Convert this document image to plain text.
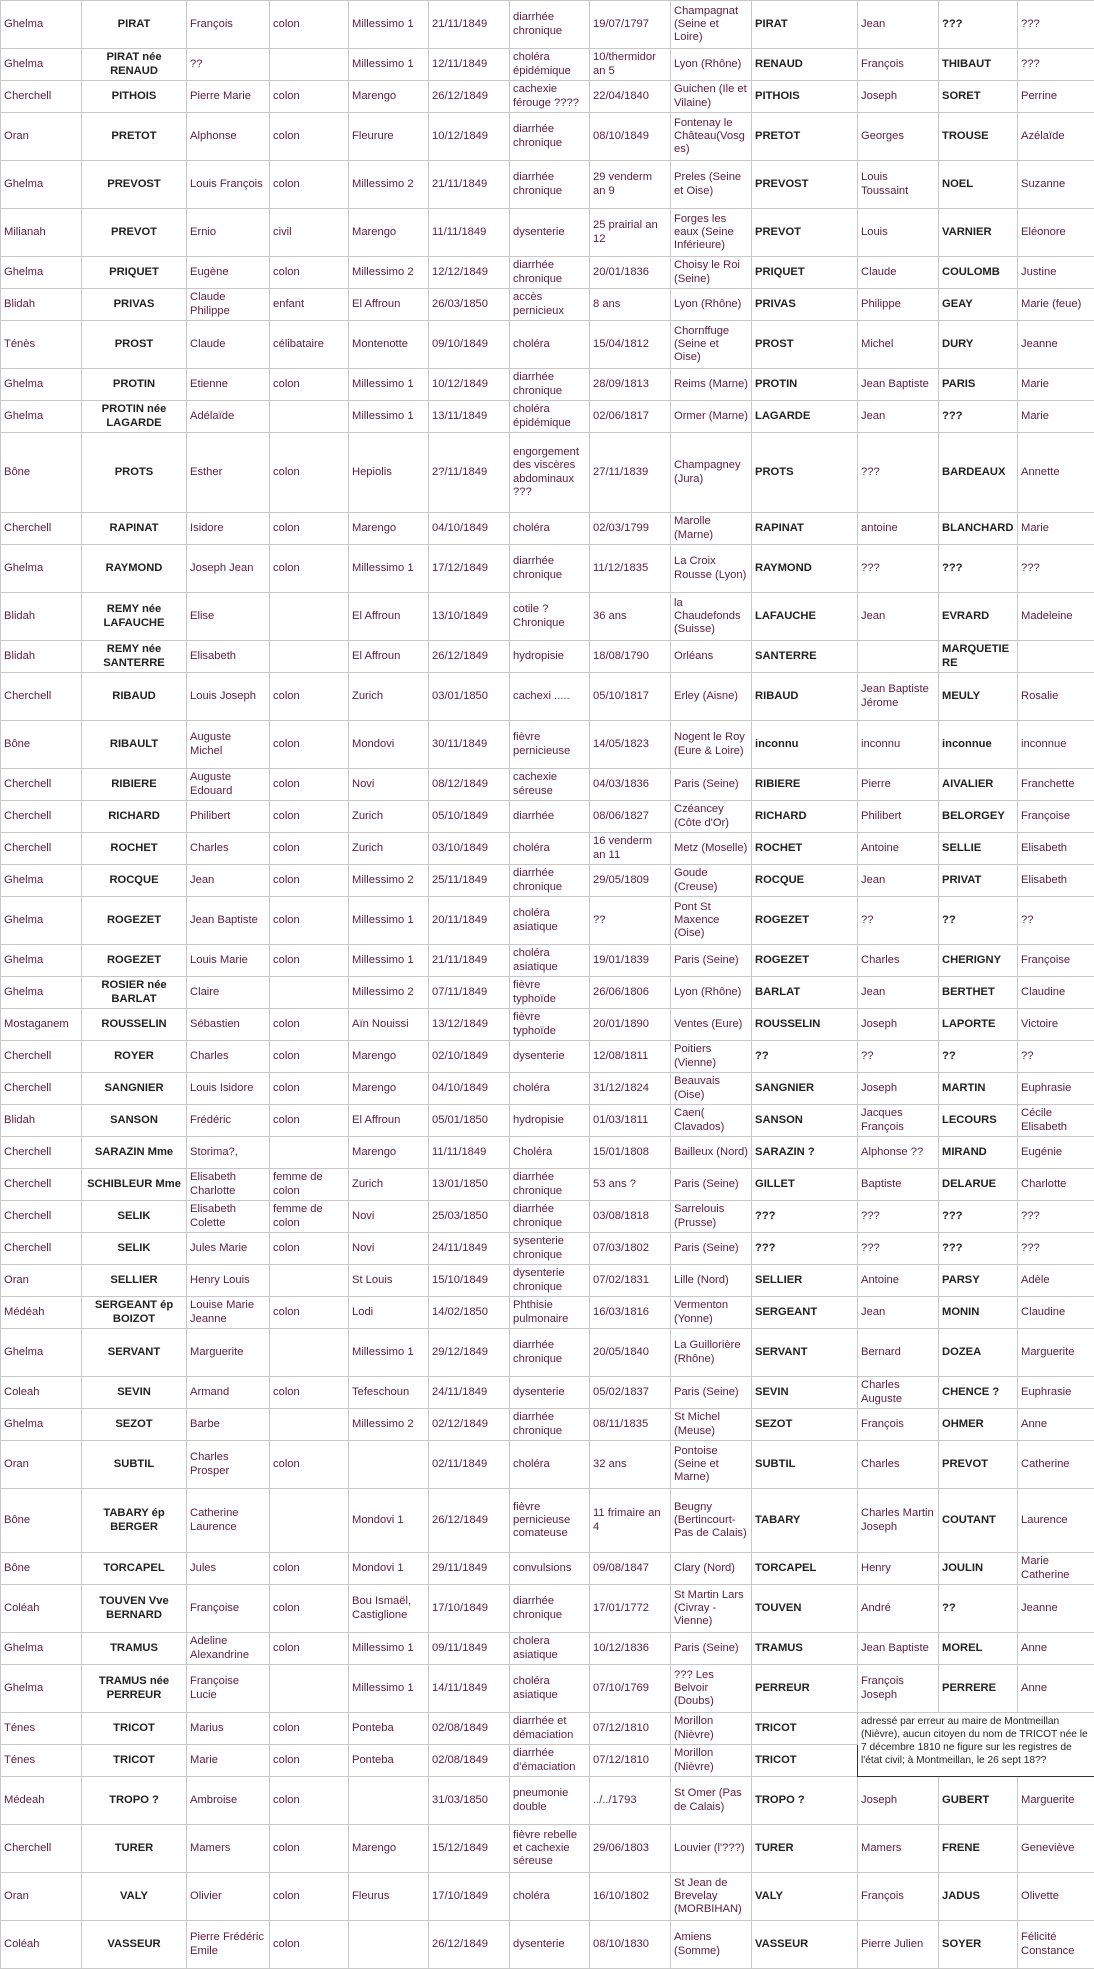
Ghelma	PIRAT	François	colon	Millessimo 1	21/11/1849	diarrhée chronique	19/07/1797	Champagnat (Seine et Loire)	PIRAT	Jean	???	???
Ghelma	PIRAT née RENAUD	??		Millessimo 1	12/11/1849	choléra épidémique	10/thermidor an 5	Lyon (Rhône)	RENAUD	François	THIBAUT	???
Cherchell	PITHOIS	Pierre Marie	colon	Marengo	26/12/1849	cachexie férouge ????	22/04/1840	Guichen (Ile et Vilaine)	PITHOIS	Joseph	SORET	Perrine
Oran	PRETOT	Alphonse	colon	Fleurure	10/12/1849	diarrhée chronique	08/10/1849	Fontenay le Château(Vosges)	PRETOT	Georges	TROUSE	Azélaïde
Ghelma	PREVOST	Louis François	colon	Millessimo 2	21/11/1849	diarrhée chronique	29 venderm an 9	Preles (Seine et Oise)	PREVOST	Louis Toussaint	NOEL	Suzanne
Milianah	PREVOT	Ernio	civil	Marengo	11/11/1849	dysenterie	25 prairial an 12	Forges les eaux (Seine Inférieure)	PREVOT	Louis	VARNIER	Eléonore
Ghelma	PRIQUET	Eugène	colon	Millessimo 2	12/12/1849	diarrhée chronique	20/01/1836	Choisy le Roi (Seine)	PRIQUET	Claude	COULOMB	Justine
Blidah	PRIVAS	Claude Philippe	enfant	El Affroun	26/03/1850	accès pernicieux	8 ans	Lyon (Rhône)	PRIVAS	Philippe	GEAY	Marie (feue)
Ténès	PROST	Claude	célibataire	Montenotte	09/10/1849	choléra	15/04/1812	Chornffuge (Seine et Oise)	PROST	Michel	DURY	Jeanne
Ghelma	PROTIN	Etienne	colon	Millessimo 1	10/12/1849	diarrhée chronique	28/09/1813	Reims (Marne)	PROTIN	Jean Baptiste	PARIS	Marie
Ghelma	PROTIN née LAGARDE	Adélaïde		Millessimo 1	13/11/1849	choléra épidémique	02/06/1817	Ormer (Marne)	LAGARDE	Jean	???	Marie
Bône	PROTS	Esther	colon	Hepiolis	2?/11/1849	engorgement des viscères abdominaux ???	27/11/1839	Champagney (Jura)	PROTS	???	BARDEAUX	Annette
Cherchell	RAPINAT	Isidore	colon	Marengo	04/10/1849	choléra	02/03/1799	Marolle (Marne)	RAPINAT	antoine	BLANCHARD	Marie
Ghelma	RAYMOND	Joseph Jean	colon	Millessimo 1	17/12/1849	diarrhée chronique	11/12/1835	La Croix Rousse (Lyon)	RAYMOND	???	???	???
Blidah	REMY née LAFAUCHE	Elise		El Affroun	13/10/1849	cotile ? Chronique	36 ans	la Chaudefonds (Suisse)	LAFAUCHE	Jean	EVRARD	Madeleine
Blidah	REMY née SANTERRE	Elisabeth		El Affroun	26/12/1849	hydropisie	18/08/1790	Orléans	SANTERRE		MARQUETIERE	
Cherchell	RIBAUD	Louis Joseph	colon	Zurich	03/01/1850	cachexi .....	05/10/1817	Erley (Aisne)	RIBAUD	Jean Baptiste Jérome	MEULY	Rosalie
Bône	RIBAULT	Auguste Michel	colon	Mondovi	30/11/1849	fièvre pernicieuse	14/05/1823	Nogent le Roy (Eure & Loire)	inconnu	inconnu	inconnue	inconnue
Cherchell	RIBIERE	Auguste Edouard	colon	Novi	08/12/1849	cachexie séreuse	04/03/1836	Paris (Seine)	RIBIERE	Pierre	AIVALIER	Franchette
Cherchell	RICHARD	Philibert	colon	Zurich	05/10/1849	diarrhée	08/06/1827	Czéancey (Côte d'Or)	RICHARD	Philibert	BELORGEY	Françoise
Cherchell	ROCHET	Charles	colon	Zurich	03/10/1849	choléra	16 venderm an 11	Metz (Moselle)	ROCHET	Antoine	SELLIE	Elisabeth
Ghelma	ROCQUE	Jean	colon	Millessimo 2	25/11/1849	diarrhée chronique	29/05/1809	Goude (Creuse)	ROCQUE	Jean	PRIVAT	Elisabeth
Ghelma	ROGEZET	Jean Baptiste	colon	Millessimo 1	20/11/1849	choléra asiatique	??	Pont St Maxence (Oise)	ROGEZET	??	??	??
Ghelma	ROGEZET	Louis Marie	colon	Millessimo 1	21/11/1849	choléra asiatique	19/01/1839	Paris (Seine)	ROGEZET	Charles	CHERIGNY	Françoise
Ghelma	ROSIER née BARLAT	Claire		Millessimo 2	07/11/1849	fièvre typhoïde	26/06/1806	Lyon (Rhône)	BARLAT	Jean	BERTHET	Claudine
Mostaganem	ROUSSELIN	Sébastien	colon	Aïn Nouissi	13/12/1849	fièvre typhoïde	20/01/1890	Ventes (Eure)	ROUSSELIN	Joseph	LAPORTE	Victoire
Cherchell	ROYER	Charles	colon	Marengo	02/10/1849	dysenterie	12/08/1811	Poitiers (Vienne)	??	??	??	??
Cherchell	SANGNIER	Louis Isidore	colon	Marengo	04/10/1849	choléra	31/12/1824	Beauvais (Oise)	SANGNIER	Joseph	MARTIN	Euphrasie
Blidah	SANSON	Frédéric	colon	El Affroun	05/01/1850	hydropisie	01/03/1811	Caen( Clavados)	SANSON	Jacques François	LECOURS	Cécile Elisabeth
Cherchell	SARAZIN Mme	Storima?,		Marengo	11/11/1849	Choléra	15/01/1808	Bailleux (Nord)	SARAZIN ?	Alphonse ??	MIRAND	Eugénie
Cherchell	SCHIBLEUR Mme	Elisabeth Charlotte	femme de colon	Zurich	13/01/1850	diarrhée chronique	53 ans ?	Paris (Seine)	GILLET	Baptiste	DELARUE	Charlotte
Cherchell	SELIK	Elisabeth Colette	femme de colon	Novi	25/03/1850	diarrhée chronique	03/08/1818	Sarrelouis (Prusse)	???	???	???	???
Cherchell	SELIK	Jules Marie	colon	Novi	24/11/1849	sysenterie chronique	07/03/1802	Paris (Seine)	???	???	???	???
Oran	SELLIER	Henry Louis		St Louis	15/10/1849	dysenterie chronique	07/02/1831	Lille (Nord)	SELLIER	Antoine	PARSY	Adèle
Médéah	SERGEANT ép BOIZOT	Louise Marie Jeanne	colon	Lodi	14/02/1850	Phthisie pulmonaire	16/03/1816	Vermenton (Yonne)	SERGEANT	Jean	MONIN	Claudine
Ghelma	SERVANT	Marguerite		Millessimo 1	29/12/1849	diarrhée chronique	20/05/1840	La Guillorière (Rhône)	SERVANT	Bernard	DOZEA	Marguerite
Coleah	SEVIN	Armand	colon	Tefeschoun	24/11/1849	dysenterie	05/02/1837	Paris (Seine)	SEVIN	Charles Auguste	CHENCE ?	Euphrasie
Ghelma	SEZOT	Barbe		Millessimo 2	02/12/1849	diarrhée chronique	08/11/1835	St Michel (Meuse)	SEZOT	François	OHMER	Anne
Oran	SUBTIL	Charles Prosper	colon		02/11/1849	choléra	32 ans	Pontoise (Seine et Marne)	SUBTIL	Charles	PREVOT	Catherine
Bône	TABARY ép BERGER	Catherine Laurence		Mondovi 1	26/12/1849	fièvre pernicieuse comateuse	11 frimaire an 4	Beugny (Bertincourt-Pas de Calais)	TABARY	Charles Martin Joseph	COUTANT	Laurence
Bône	TORCAPEL	Jules	colon	Mondovi 1	29/11/1849	convulsions	09/08/1847	Clary (Nord)	TORCAPEL	Henry	JOULIN	Marie Catherine
Coléah	TOUVEN Vve BERNARD	Françoise	colon	Bou Ismaël, Castiglione	17/10/1849	diarrhée chronique	17/01/1772	St Martin Lars (Civray - Vienne)	TOUVEN	André	??	Jeanne
Ghelma	TRAMUS	Adeline Alexandrine	colon	Millessimo 1	09/11/1849	cholera asiatique	10/12/1836	Paris (Seine)	TRAMUS	Jean Baptiste	MOREL	Anne
Ghelma	TRAMUS née PERREUR	Françoise Lucie		Millessimo 1	14/11/1849	choléra asiatique	07/10/1769	??? Les Belvoir (Doubs)	PERREUR	François Joseph	PERRERE	Anne
Ténes	TRICOT	Marius	colon	Ponteba	02/08/1849	diarrhée et démaciation	07/12/1810	Morillon (Nièvre)	TRICOT	adressé par erreur au maire de Montmeillan (Nièvre), aucun citoyen du nom de TRICOT née le 7 décembre 1810 ne figure sur les registres de l'état civil; à Montmeillan, le 26 sept 18??		
Ténes	TRICOT	Marie	colon	Ponteba	02/08/1849	diarrhée d'émaciation	07/12/1810	Morillon (Nièvre)	TRICOT			
Médeah	TROPO ?	Ambroise	colon		31/03/1850	pneumonie double	../../1793	St Omer (Pas de Calais)	TROPO ?	Joseph	GUBERT	Marguerite
Cherchell	TURER	Mamers	colon	Marengo	15/12/1849	fièvre rebelle et cachexie séreuse	29/06/1803	Louvier (l'???)	TURER	Mamers	FRENE	Geneviève
Oran	VALY	Olivier	colon	Fleurus	17/10/1849	choléra	16/10/1802	St Jean de Brevelay (MORBIHAN)	VALY	François	JADUS	Olivette
Coléah	VASSEUR	Pierre Frédéric Emile	colon		26/12/1849	dysenterie	08/10/1830	Amiens (Somme)	VASSEUR	Pierre Julien	SOYER	Félicité Constance
